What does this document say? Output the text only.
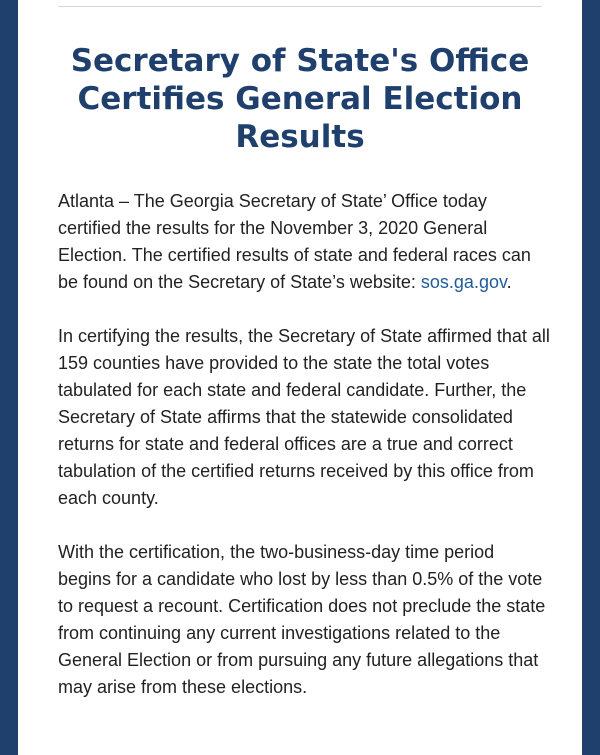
Secretary of State's Office Certifies General Election Results

Atlanta – The Georgia Secretary of State’ Office today certified the results for the November 3, 2020 General Election. The certified results of state and federal races can be found on the Secretary of State’s website: sos.ga.gov.

In certifying the results, the Secretary of State affirmed that all 159 counties have provided to the state the total votes tabulated for each state and federal candidate. Further, the Secretary of State affirms that the statewide consolidated returns for state and federal offices are a true and correct tabulation of the certified returns received by this office from each county.

With the certification, the two-business-day time period begins for a candidate who lost by less than 0.5% of the vote to request a recount. Certification does not preclude the state from continuing any current investigations related to the General Election or from pursuing any future allegations that may arise from these elections.
